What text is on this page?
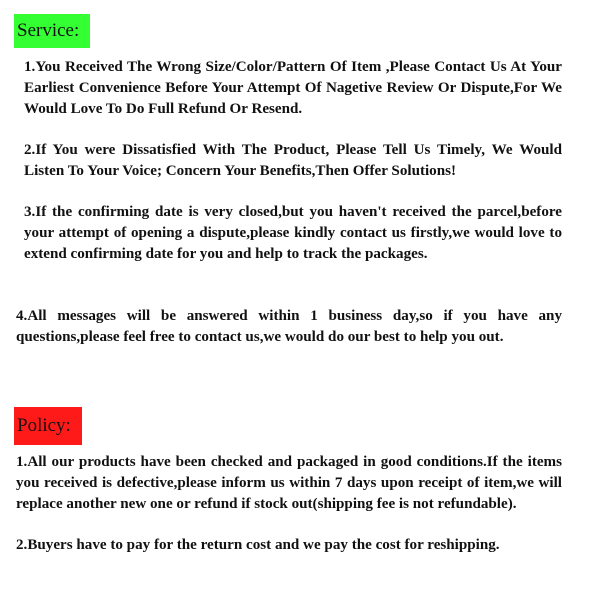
Service:

1.You Received The Wrong Size/Color/Pattern Of Item ,Please Contact Us At Your Earliest Convenience Before Your Attempt Of Nagetive Review Or Dispute,For We Would Love To Do Full Refund Or Resend.

2.If You were Dissatisfied With The Product, Please Tell Us Timely, We Would Listen To Your Voice; Concern Your Benefits,Then Offer Solutions!

3.If the confirming date is very closed,but you haven't received the parcel,before your attempt of opening a dispute,please kindly contact us firstly,we would love to extend confirming date for you and help to track the packages.

4.All messages will be answered within 1 business day,so if you have any questions,please feel free to contact us,we would do our best to help you out.

Policy:

1.All our products have been checked and packaged in good conditions.If the items you received is defective,please inform us within 7 days upon receipt of item,we will replace another new one or refund if stock out(shipping fee is not refundable).

2.Buyers have to pay for the return cost and we pay the cost for reshipping.
